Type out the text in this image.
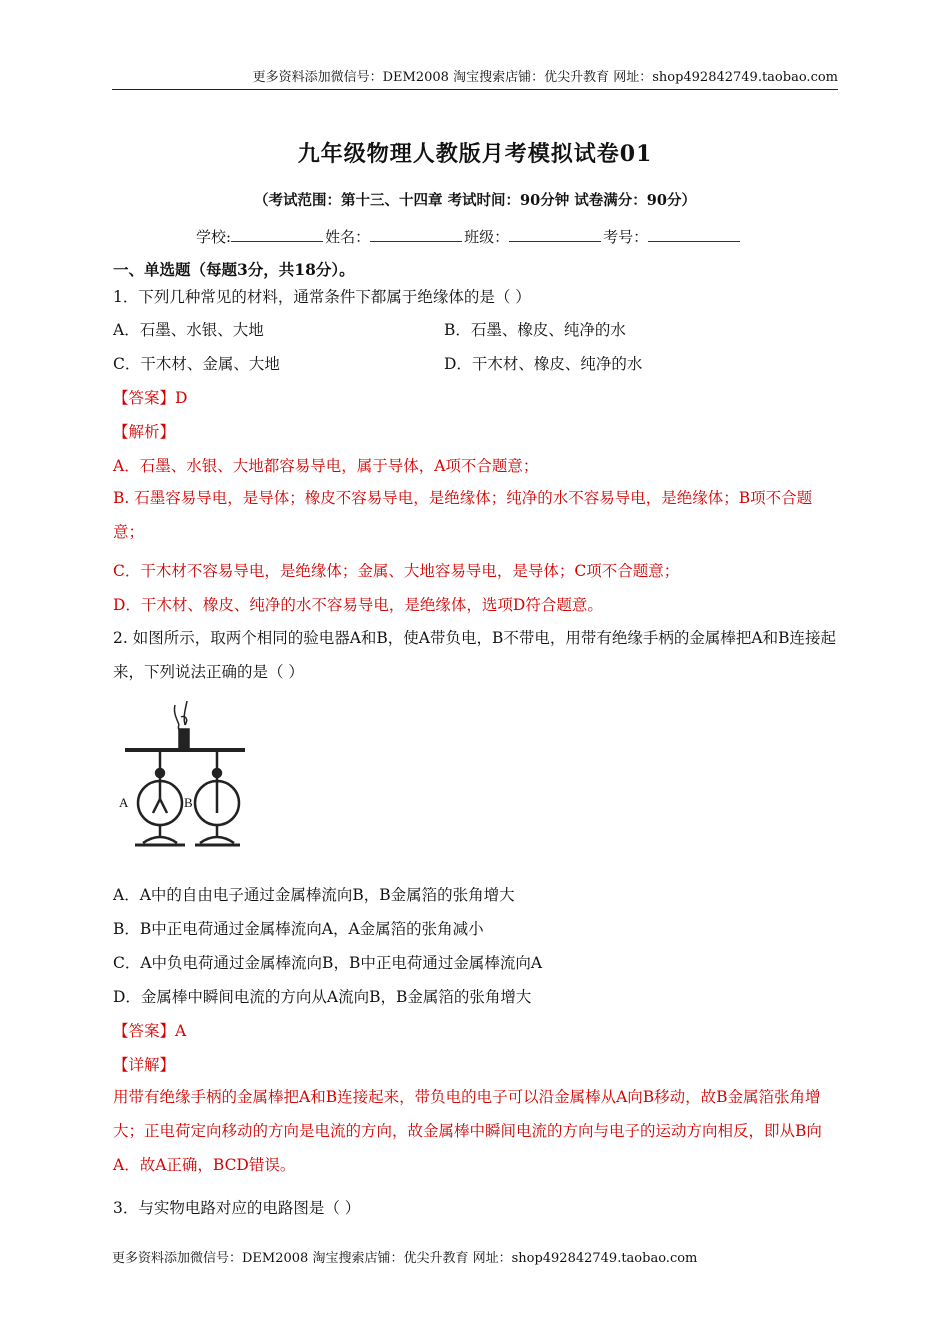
更多资料添加微信号：DEM2008 淘宝搜索店铺：优尖升教育 网址：shop492842749.taobao.com
九年级物理人教版月考模拟试卷01
（考试范围：第十三、十四章 考试时间：90分钟 试卷满分：90分）
学校:	姓名：	班级：	考号：
一、单选题（每题3分，共18分）。
1．下列几种常见的材料，通常条件下都属于绝缘体的是（ ）
A．石墨、水银、大地	B．石墨、橡皮、纯净的水
C．干木材、金属、大地	D．干木材、橡皮、纯净的水
【答案】D
【解析】
A．石墨、水银、大地都容易导电，属于导体，A项不合题意；
B. 石墨容易导电，是导体；橡皮不容易导电，是绝缘体；纯净的水不容易导电，是绝缘体；B项不合题意；
C．干木材不容易导电，是绝缘体；金属、大地容易导电，是导体；C项不合题意；
D．干木材、橡皮、纯净的水不容易导电，是绝缘体，选项D符合题意。
2. 如图所示，取两个相同的验电器A和B，使A带负电，B不带电，用带有绝缘手柄的金属棒把A和B连接起来，下列说法正确的是（ ）
A	B
A．A中的自由电子通过金属棒流向B，B金属箔的张角增大
B．B中正电荷通过金属棒流向A，A金属箔的张角减小
C．A中负电荷通过金属棒流向B，B中正电荷通过金属棒流向A
D．金属棒中瞬间电流的方向从A流向B，B金属箔的张角增大
【答案】A
【详解】
用带有绝缘手柄的金属棒把A和B连接起来，带负电的电子可以沿金属棒从A向B移动，故B金属箔张角增大；正电荷定向移动的方向是电流的方向，故金属棒中瞬间电流的方向与电子的运动方向相反，即从B向A．故A正确，BCD错误。
3．与实物电路对应的电路图是（ ）
更多资料添加微信号：DEM2008 淘宝搜索店铺：优尖升教育 网址：shop492842749.taobao.com
